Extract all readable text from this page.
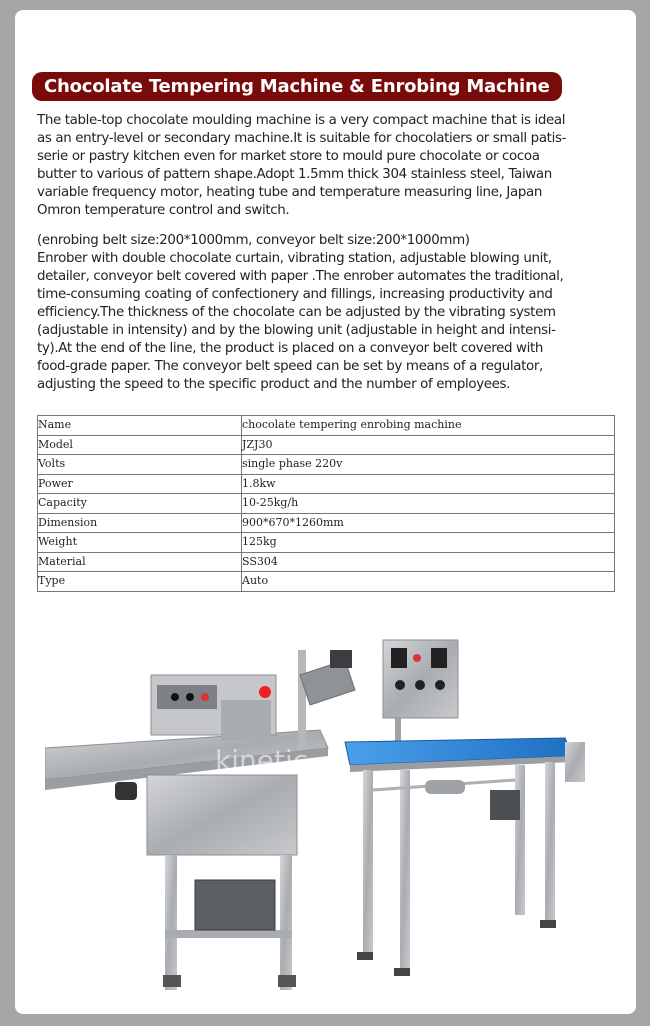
Chocolate Tempering Machine & Enrobing Machine
The table-top chocolate moulding machine is a very compact machine that is ideal
as an entry-level or secondary machine.It is suitable for chocolatiers or small patis-
serie or pastry kitchen even for market store to mould pure chocolate or cocoa
butter to various of pattern shape.Adopt 1.5mm thick 304 stainless steel, Taiwan
variable frequency motor, heating tube and temperature measuring line, Japan
Omron temperature control and switch.
(enrobing belt size:200*1000mm, conveyor belt size:200*1000mm)
Enrober with double chocolate curtain, vibrating station, adjustable blowing unit,
detailer, conveyor belt covered with paper .The enrober automates the traditional,
time-consuming coating of confectionery and fillings, increasing productivity and
efficiency.The thickness of the chocolate can be adjusted by the vibrating system
(adjustable in intensity) and by the blowing unit (adjustable in height and intensi-
ty).At the end of the line, the product is placed on a conveyor belt covered with
food-grade paper. The conveyor belt speed can be set by means of a regulator,
adjusting the speed to the specific product and the number of employees.
Name	chocolate tempering enrobing machine
Model	JZJ30
Volts	single phase 220v
Power	1.8kw
Capacity	10-25kg/h
Dimension	900*670*1260mm
Weight	125kg
Material	SS304
Type	Auto
kinetic
